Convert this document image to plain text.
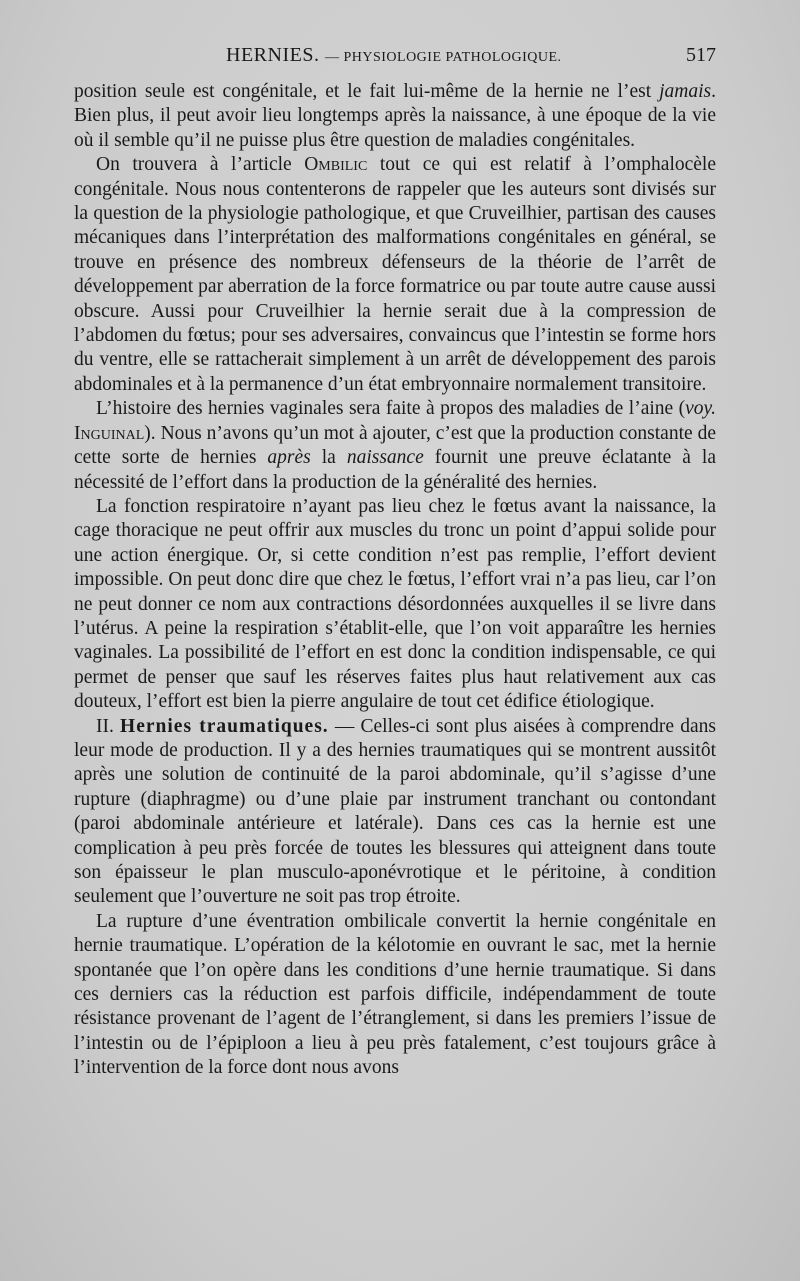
HERNIES. — PHYSIOLOGIE PATHOLOGIQUE.	517

position seule est congénitale, et le fait lui-même de la hernie ne l’est jamais. Bien plus, il peut avoir lieu longtemps après la naissance, à une époque de la vie où il semble qu’il ne puisse plus être question de maladies congénitales.

On trouvera à l’article Ombilic tout ce qui est relatif à l’omphalocèle congénitale. Nous nous contenterons de rappeler que les auteurs sont divisés sur la question de la physiologie pathologique, et que Cruveilhier, partisan des causes mécaniques dans l’interprétation des malformations congénitales en général, se trouve en présence des nombreux défenseurs de la théorie de l’arrêt de développement par aberration de la force formatrice ou par toute autre cause aussi obscure. Aussi pour Cruveilhier la hernie serait due à la compression de l’abdomen du fœtus; pour ses adversaires, convaincus que l’intestin se forme hors du ventre, elle se rattacherait simplement à un arrêt de développement des parois abdominales et à la permanence d’un état embryonnaire normalement transitoire.

L’histoire des hernies vaginales sera faite à propos des maladies de l’aine (voy. Inguinal). Nous n’avons qu’un mot à ajouter, c’est que la production constante de cette sorte de hernies après la naissance fournit une preuve éclatante à la nécessité de l’effort dans la production de la généralité des hernies.

La fonction respiratoire n’ayant pas lieu chez le fœtus avant la naissance, la cage thoracique ne peut offrir aux muscles du tronc un point d’appui solide pour une action énergique. Or, si cette condition n’est pas remplie, l’effort devient impossible. On peut donc dire que chez le fœtus, l’effort vrai n’a pas lieu, car l’on ne peut donner ce nom aux contractions désordonnées auxquelles il se livre dans l’utérus. A peine la respiration s’établit-elle, que l’on voit apparaître les hernies vaginales. La possibilité de l’effort en est donc la condition indispensable, ce qui permet de penser que sauf les réserves faites plus haut relativement aux cas douteux, l’effort est bien la pierre angulaire de tout cet édifice étiologique.

II. Hernies traumatiques. — Celles-ci sont plus aisées à comprendre dans leur mode de production. Il y a des hernies traumatiques qui se montrent aussitôt après une solution de continuité de la paroi abdominale, qu’il s’agisse d’une rupture (diaphragme) ou d’une plaie par instrument tranchant ou contondant (paroi abdominale antérieure et latérale). Dans ces cas la hernie est une complication à peu près forcée de toutes les blessures qui atteignent dans toute son épaisseur le plan musculo-aponévrotique et le péritoine, à condition seulement que l’ouverture ne soit pas trop étroite.

La rupture d’une éventration ombilicale convertit la hernie congénitale en hernie traumatique. L’opération de la kélotomie en ouvrant le sac, met la hernie spontanée que l’on opère dans les conditions d’une hernie traumatique. Si dans ces derniers cas la réduction est parfois difficile, indépendamment de toute résistance provenant de l’agent de l’étranglement, si dans les premiers l’issue de l’intestin ou de l’épiploon a lieu à peu près fatalement, c’est toujours grâce à l’intervention de la force dont nous avons
